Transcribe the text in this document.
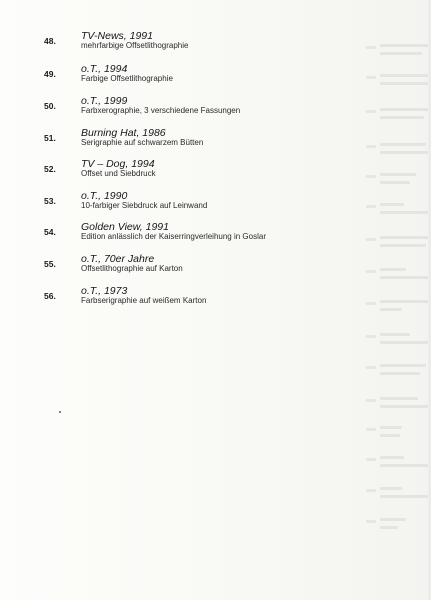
48.	TV-News, 1991
mehrfarbige Offsetlithographie
49.	o.T., 1994
Farbige Offsetlithographie
50.	o.T., 1999
Farbxerographie, 3 verschiedene Fassungen
51.	Burning Hat, 1986
Serigraphie auf schwarzem Bütten
52.	TV – Dog, 1994
Offset und Siebdruck
53.	o.T., 1990
10-farbiger Siebdruck auf Leinwand
54.	Golden View, 1991
Edition anlässlich der Kaiserringverleihung in Goslar
55.	o.T., 70er Jahre
Offsetlithographie auf Karton
56.	o.T., 1973
Farbserigraphie auf weißem Karton
